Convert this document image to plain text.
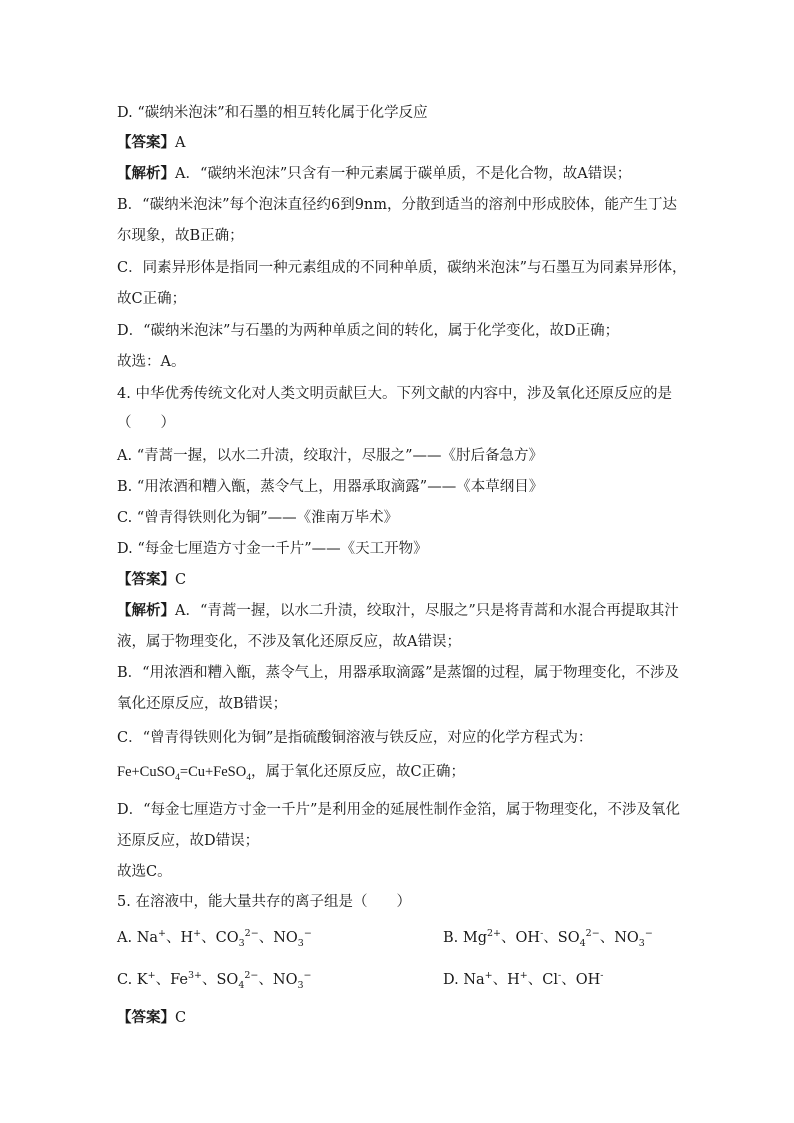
D. “碳纳米泡沫”和石墨的相互转化属于化学反应
【答案】A
【解析】A．“碳纳米泡沫”只含有一种元素属于碳单质，不是化合物，故A错误；
B．“碳纳米泡沫”每个泡沫直径约6到9nm，分散到适当的溶剂中形成胶体，能产生丁达
尔现象，故B正确；
C．同素异形体是指同一种元素组成的不同种单质，碳纳米泡沫”与石墨互为同素异形体，
故C正确；
D．“碳纳米泡沫”与石墨的为两种单质之间的转化，属于化学变化，故D正确；
故选：A。
4. 中华优秀传统文化对人类文明贡献巨大。下列文献的内容中，涉及氧化还原反应的是
（　　）
A. “青蒿一握，以水二升渍，绞取汁，尽服之”——《肘后备急方》
B. “用浓酒和糟入甑，蒸令气上，用器承取滴露”——《本草纲目》
C. “曾青得铁则化为铜”——《淮南万毕术》
D. “每金七厘造方寸金一千片”——《天工开物》
【答案】C
【解析】A．“青蒿一握，以水二升渍，绞取汁，尽服之”只是将青蒿和水混合再提取其汁
液，属于物理变化，不涉及氧化还原反应，故A错误；
B．“用浓酒和糟入甑，蒸令气上，用器承取滴露”是蒸馏的过程，属于物理变化，不涉及
氧化还原反应，故B错误；
C．“曾青得铁则化为铜”是指硫酸铜溶液与铁反应，对应的化学方程式为：
Fe+CuSO$_4$=Cu+FeSO$_4$，属于氧化还原反应，故C正确；
D．“每金七厘造方寸金一千片”是利用金的延展性制作金箔，属于物理变化，不涉及氧化
还原反应，故D错误；
故选C。
5. 在溶液中，能大量共存的离子组是（　　）
A. Na+、H+、$CO_3^{2-}$、$NO_3^-$	B. $Mg^{2+}$、OH-、$SO_4^{2-}$、$NO_3^-$
C. K+、$Fe^{3+}$、$SO_4^{2-}$、$NO_3^-$	D. Na+、H+、Cl-、OH-
【答案】C
